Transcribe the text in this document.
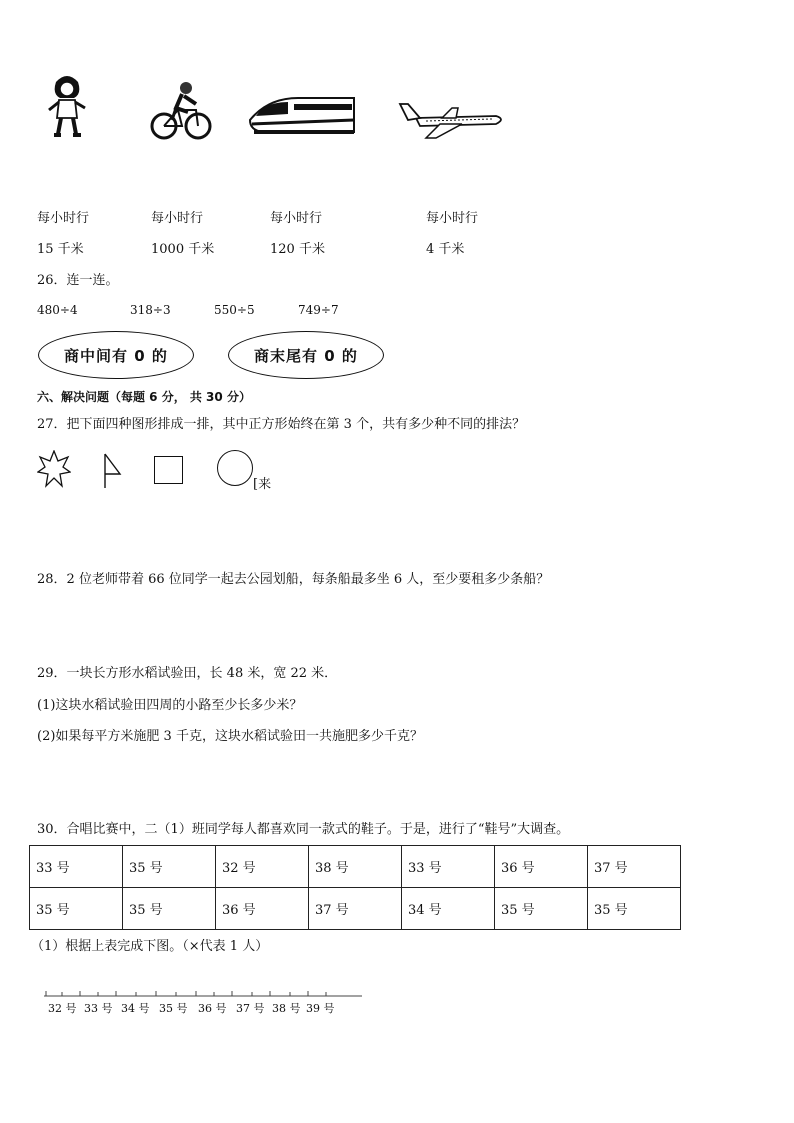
每小时行	每小时行	每小时行	每小时行
15 千米	1000 千米	120 千米	4 千米
26．连一连。
480÷4	318÷3	550÷5	749÷7
商中间有 0 的	商末尾有 0 的
六、解决问题（每题 6 分， 共 30 分）
27．把下面四种图形排成一排，其中正方形始终在第 3 个，共有多少种不同的排法？
[来
28．2 位老师带着 66 位同学一起去公园划船，每条船最多坐 6 人，至少要租多少条船？
29．一块长方形水稻试验田，长 48 米，宽 22 米．
(1)这块水稻试验田四周的小路至少长多少米？
(2)如果每平方米施肥 3 千克，这块水稻试验田一共施肥多少千克？
30．合唱比赛中，二（1）班同学每人都喜欢同一款式的鞋子。于是，进行了“鞋号”大调查。
33 号	35 号	32 号	38 号	33 号	36 号	37 号
35 号	35 号	36 号	37 号	34 号	35 号	35 号
（1）根据上表完成下图。（×代表 1 人）
32 号 33 号 34 号 35 号 36 号 37 号 38 号 39 号
